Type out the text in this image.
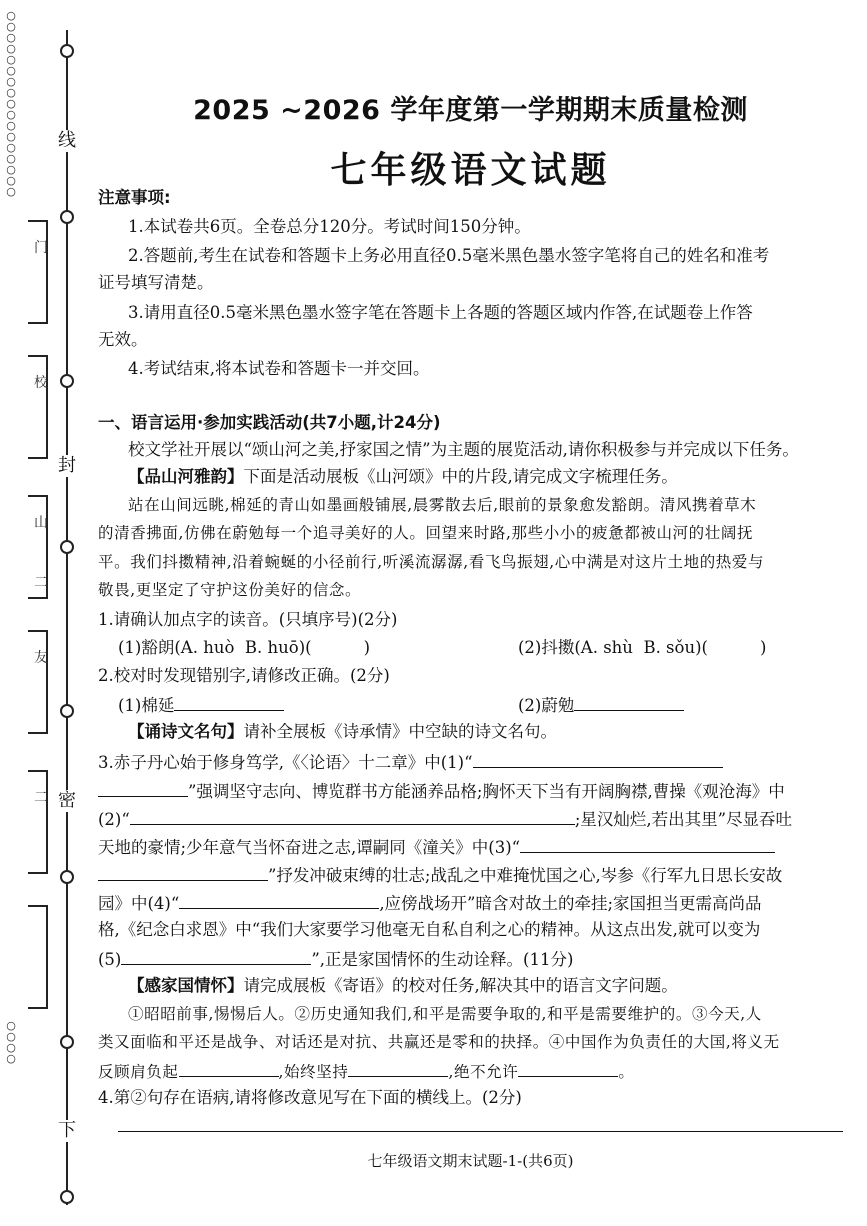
○
○
○
○
○
○
○
○
○
○
○
○
○
○
○
○
○
○
○
○
○
线
封
密
下
门
校
山
二
友
二
2025 ~2026 学年度第一学期期末质量检测
七年级语文试题
注意事项:
1.本试卷共6页。全卷总分120分。考试时间150分钟。
2.答题前,考生在试卷和答题卡上务必用直径0.5毫米黑色墨水签字笔将自己的姓名和准考
证号填写清楚。
3.请用直径0.5毫米黑色墨水签字笔在答题卡上各题的答题区域内作答,在试题卷上作答
无效。
4.考试结束,将本试卷和答题卡一并交回。
一、语言运用·参加实践活动(共7小题,计24分)
校文学社开展以“颂山河之美,抒家国之情”为主题的展览活动,请你积极参与并完成以下任务。
【品山河雅韵】下面是活动展板《山河颂》中的片段,请完成文字梳理任务。
站在山间远眺,棉延的青山如墨画般铺展,晨雾散去后,眼前的景象愈发豁朗。清风携着草木
的清香拂面,仿佛在蔚勉每一个追寻美好的人。回望来时路,那些小小的疲惫都被山河的壮阔抚
平。我们抖擞精神,沿着蜿蜒的小径前行,听溪流潺潺,看飞鸟振翅,心中满是对这片土地的热爱与
敬畏,更坚定了守护这份美好的信念。
1.请确认加点字的读音。(只填序号)(2分)
(1)豁朗(A. huò B. huō)(	)	(2)抖擞(A. shù B. sǒu)(	)
2.校对时发现错别字,请修改正确。(2分)
(1)棉延	(2)蔚勉
【诵诗文名句】请补全展板《诗承情》中空缺的诗文名句。
3.赤子丹心始于修身笃学,《〈论语〉十二章》中(1)“
”强调坚守志向、博览群书方能涵养品格;胸怀天下当有开阔胸襟,曹操《观沧海》中
(2)“	;星汉灿烂,若出其里”尽显吞吐
天地的豪情;少年意气当怀奋进之志,谭嗣同《潼关》中(3)“
”抒发冲破束缚的壮志;战乱之中难掩忧国之心,岑参《行军九日思长安故
园》中(4)“	,应傍战场开”暗含对故土的牵挂;家国担当更需高尚品
格,《纪念白求恩》中“我们大家要学习他毫无自私自利之心的精神。从这点出发,就可以变为
(5)	”,正是家国情怀的生动诠释。(11分)
【感家国情怀】请完成展板《寄语》的校对任务,解决其中的语言文字问题。
①昭昭前事,惕惕后人。②历史通知我们,和平是需要争取的,和平是需要维护的。③今天,人
类又面临和平还是战争、对话还是对抗、共赢还是零和的抉择。④中国作为负责任的大国,将义无
反顾肩负起	,始终坚持	,绝不允许	。
4.第②句存在语病,请将修改意见写在下面的横线上。(2分)
七年级语文期末试题-1-(共6页)
